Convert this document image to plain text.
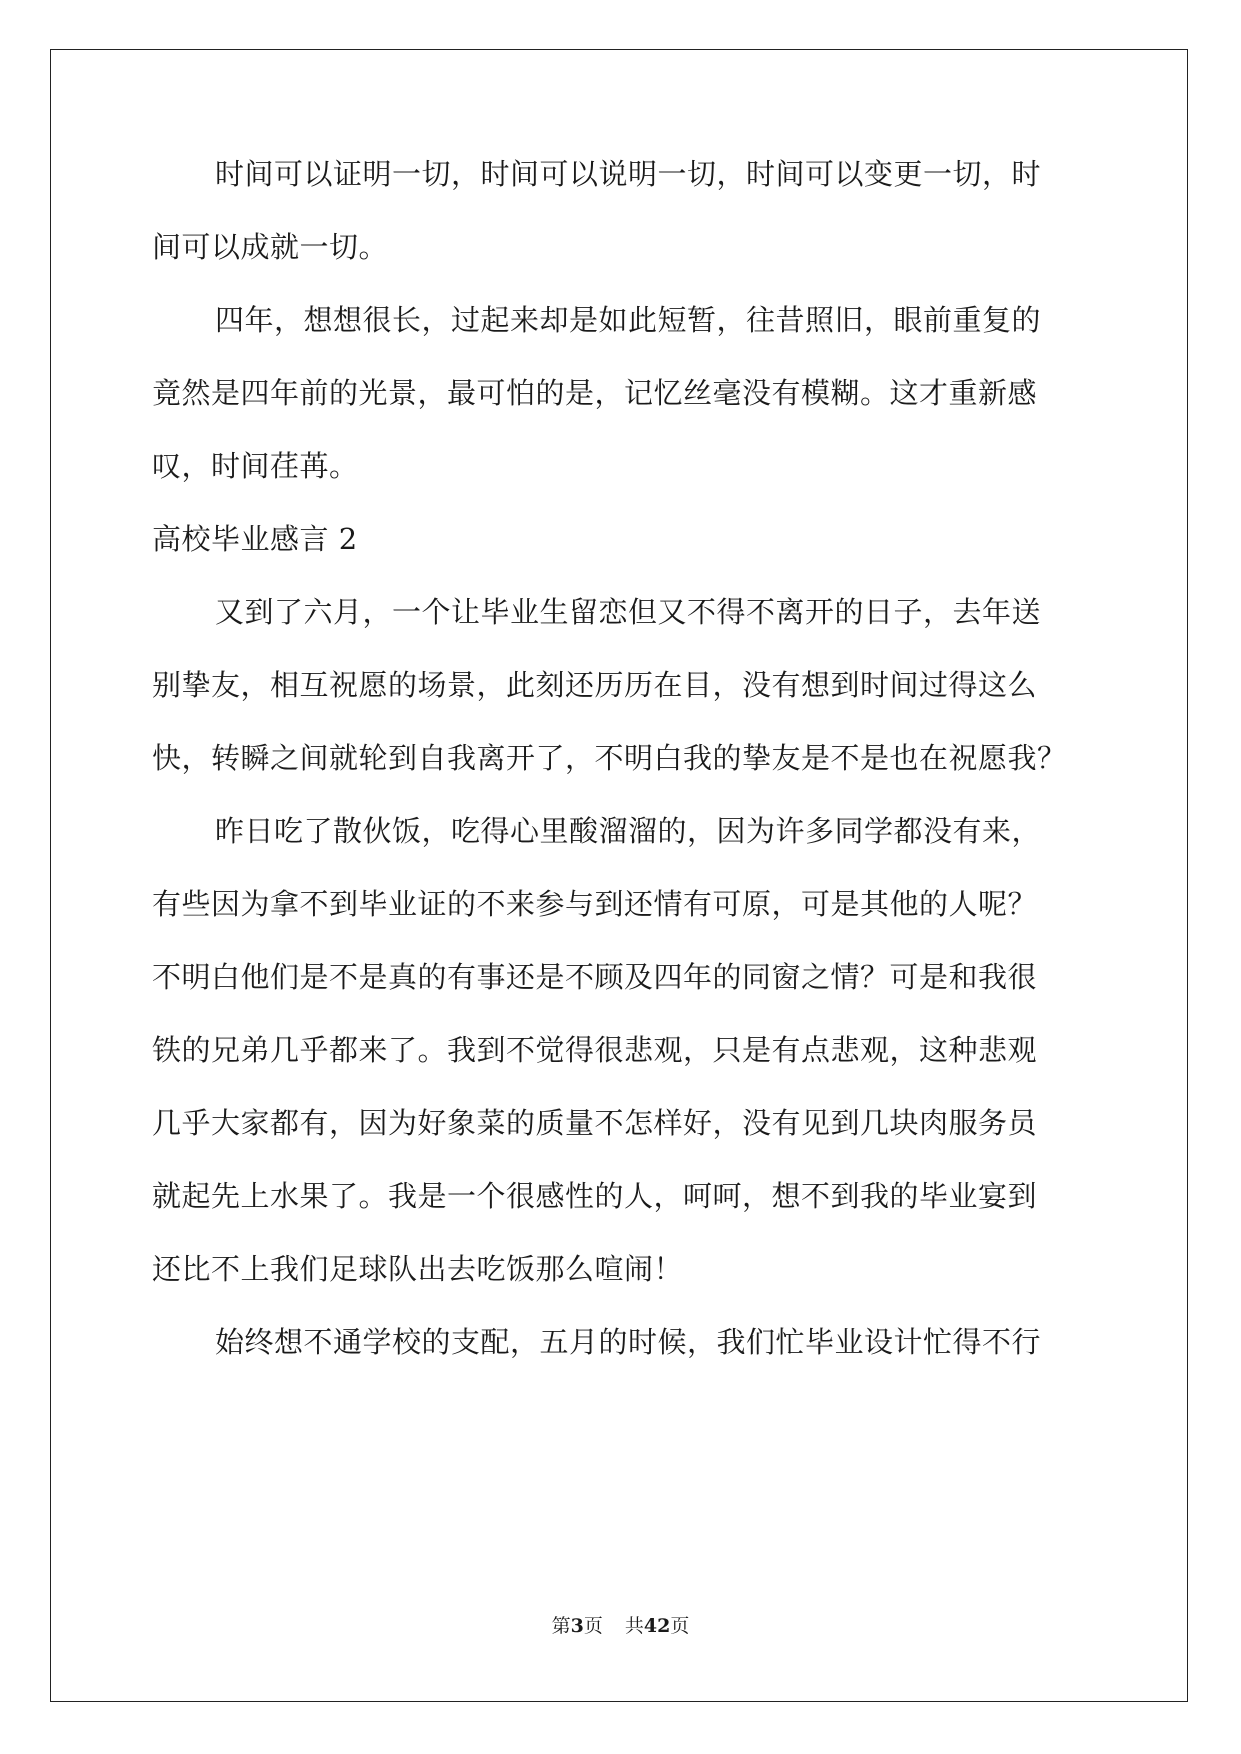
时间可以证明一切，时间可以说明一切，时间可以变更一切，时
间可以成就一切。
四年，想想很长，过起来却是如此短暂，往昔照旧，眼前重复的
竟然是四年前的光景，最可怕的是，记忆丝毫没有模糊。这才重新感
叹，时间荏苒。
高校毕业感言 2
又到了六月，一个让毕业生留恋但又不得不离开的日子，去年送
别挚友，相互祝愿的场景，此刻还历历在目，没有想到时间过得这么
快，转瞬之间就轮到自我离开了，不明白我的挚友是不是也在祝愿我？
昨日吃了散伙饭，吃得心里酸溜溜的，因为许多同学都没有来，
有些因为拿不到毕业证的不来参与到还情有可原，可是其他的人呢？
不明白他们是不是真的有事还是不顾及四年的同窗之情？可是和我很
铁的兄弟几乎都来了。我到不觉得很悲观，只是有点悲观，这种悲观
几乎大家都有，因为好象菜的质量不怎样好，没有见到几块肉服务员
就起先上水果了。我是一个很感性的人，呵呵，想不到我的毕业宴到
还比不上我们足球队出去吃饭那么喧闹！
始终想不通学校的支配，五月的时候，我们忙毕业设计忙得不行
第3页 共42页
